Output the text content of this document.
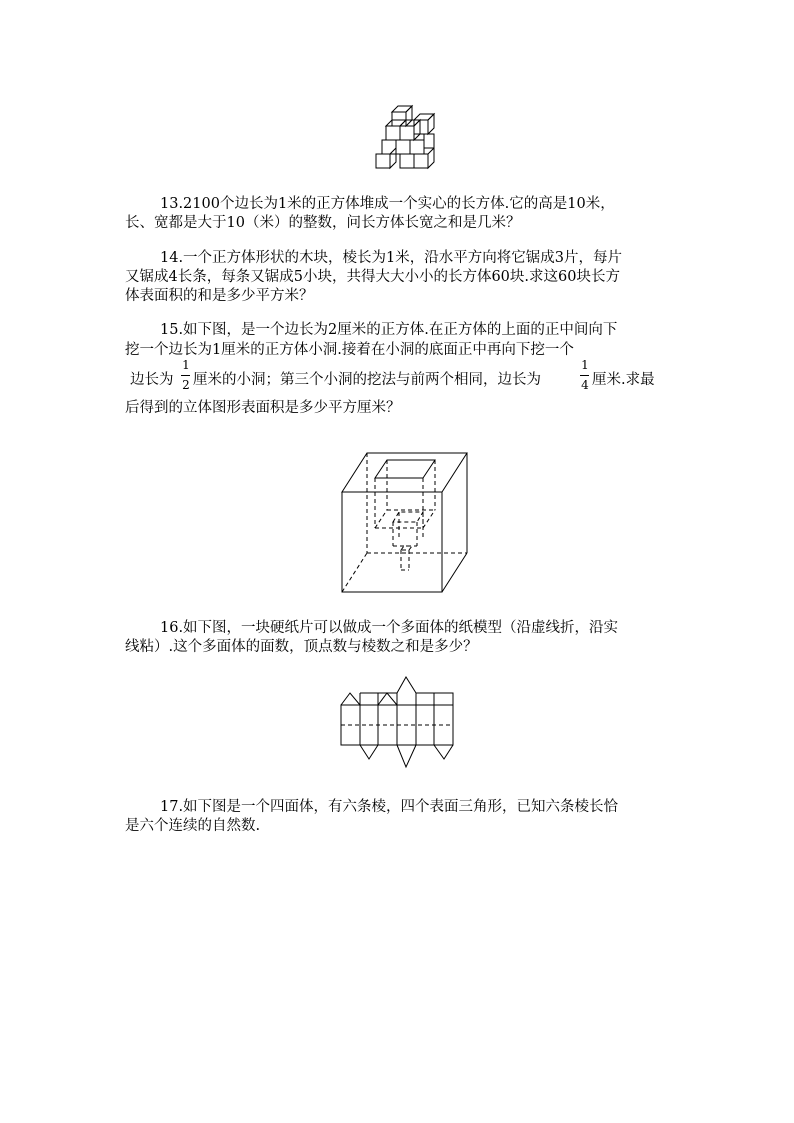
13.2100个边长为1米的正方体堆成一个实心的长方体.它的高是10米，
长、宽都是大于10（米）的整数，问长方体长宽之和是几米？
14.一个正方体形状的木块，棱长为1米，沿水平方向将它锯成3片，每片
又锯成4长条，每条又锯成5小块，共得大大小小的长方体60块.求这60块长方
体表面积的和是多少平方米？
15.如下图，是一个边长为2厘米的正方体.在正方体的上面的正中间向下
挖一个边长为1厘米的正方体小洞.接着在小洞的底面正中再向下挖一个
边长为
1
2 厘米的小洞；第三个小洞的挖法与前两个相同，边长为
1
4 厘米.求最
后得到的立体图形表面积是多少平方厘米？
16.如下图，一块硬纸片可以做成一个多面体的纸模型（沿虚线折，沿实
线粘）.这个多面体的面数，顶点数与棱数之和是多少？
17.如下图是一个四面体，有六条棱，四个表面三角形，已知六条棱长恰
是六个连续的自然数.
